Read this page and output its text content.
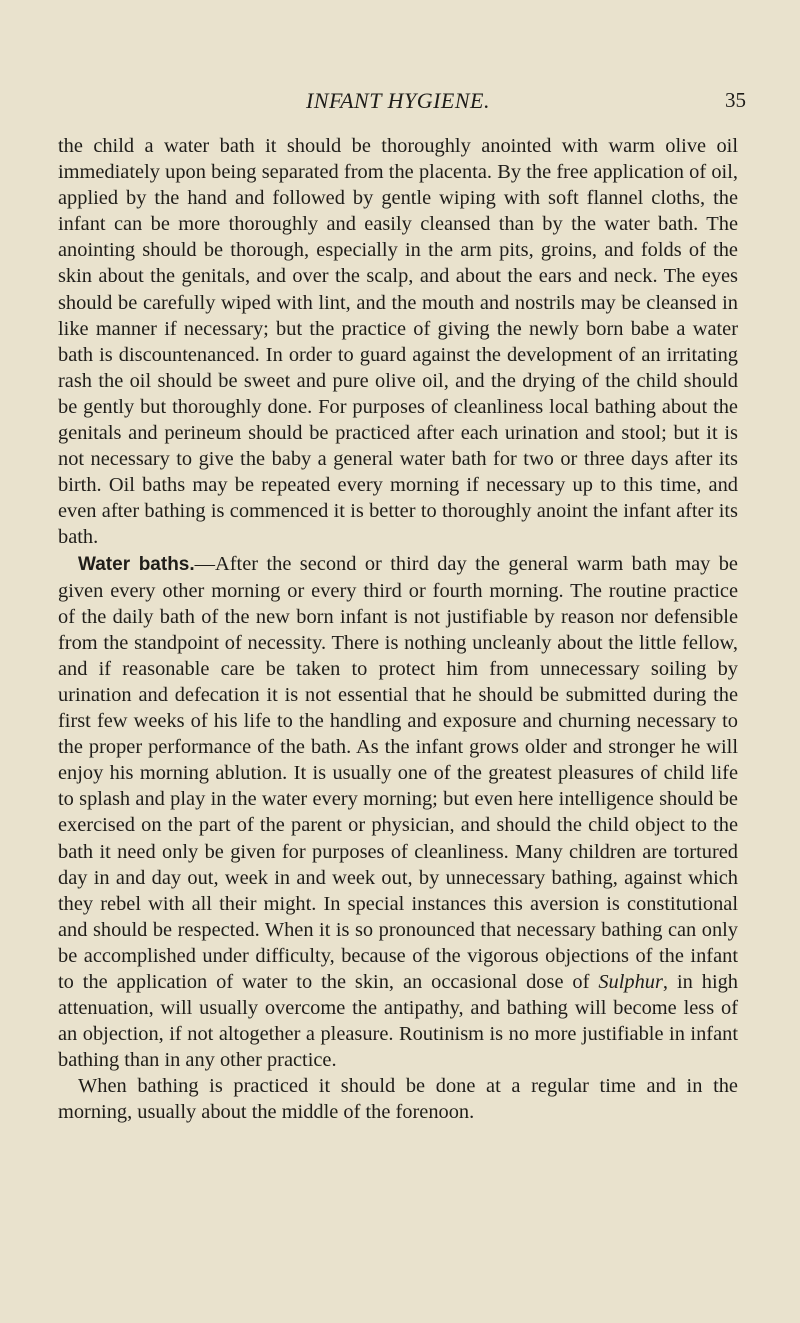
INFANT HYGIENE.	35

the child a water bath it should be thoroughly anointed with warm olive oil immediately upon being separated from the placenta. By the free application of oil, applied by the hand and followed by gentle wiping with soft flannel cloths, the infant can be more thoroughly and easily cleansed than by the water bath. The anointing should be thorough, especially in the arm pits, groins, and folds of the skin about the genitals, and over the scalp, and about the ears and neck. The eyes should be carefully wiped with lint, and the mouth and nostrils may be cleansed in like manner if necessary; but the practice of giving the newly born babe a water bath is discountenanced. In order to guard against the development of an irritating rash the oil should be sweet and pure olive oil, and the drying of the child should be gently but thoroughly done. For purposes of cleanliness local bathing about the genitals and perineum should be practiced after each urination and stool; but it is not necessary to give the baby a general water bath for two or three days after its birth. Oil baths may be repeated every morning if necessary up to this time, and even after bathing is commenced it is better to thoroughly anoint the infant after its bath.

Water baths.—After the second or third day the general warm bath may be given every other morning or every third or fourth morning. The routine practice of the daily bath of the new born infant is not justifiable by reason nor defensible from the standpoint of necessity. There is nothing uncleanly about the little fellow, and if reasonable care be taken to protect him from unnecessary soiling by urination and defecation it is not essential that he should be submitted during the first few weeks of his life to the handling and exposure and churning necessary to the proper performance of the bath. As the infant grows older and stronger he will enjoy his morning ablution. It is usually one of the greatest pleasures of child life to splash and play in the water every morning; but even here intelligence should be exercised on the part of the parent or physician, and should the child object to the bath it need only be given for purposes of cleanliness. Many children are tortured day in and day out, week in and week out, by unnecessary bathing, against which they rebel with all their might. In special instances this aversion is constitutional and should be respected. When it is so pronounced that necessary bathing can only be accomplished under difficulty, because of the vigorous objections of the infant to the application of water to the skin, an occasional dose of Sulphur, in high attenuation, will usually overcome the antipathy, and bathing will become less of an objection, if not altogether a pleasure. Routinism is no more justifiable in infant bathing than in any other practice.

When bathing is practiced it should be done at a regular time and in the morning, usually about the middle of the forenoon.
